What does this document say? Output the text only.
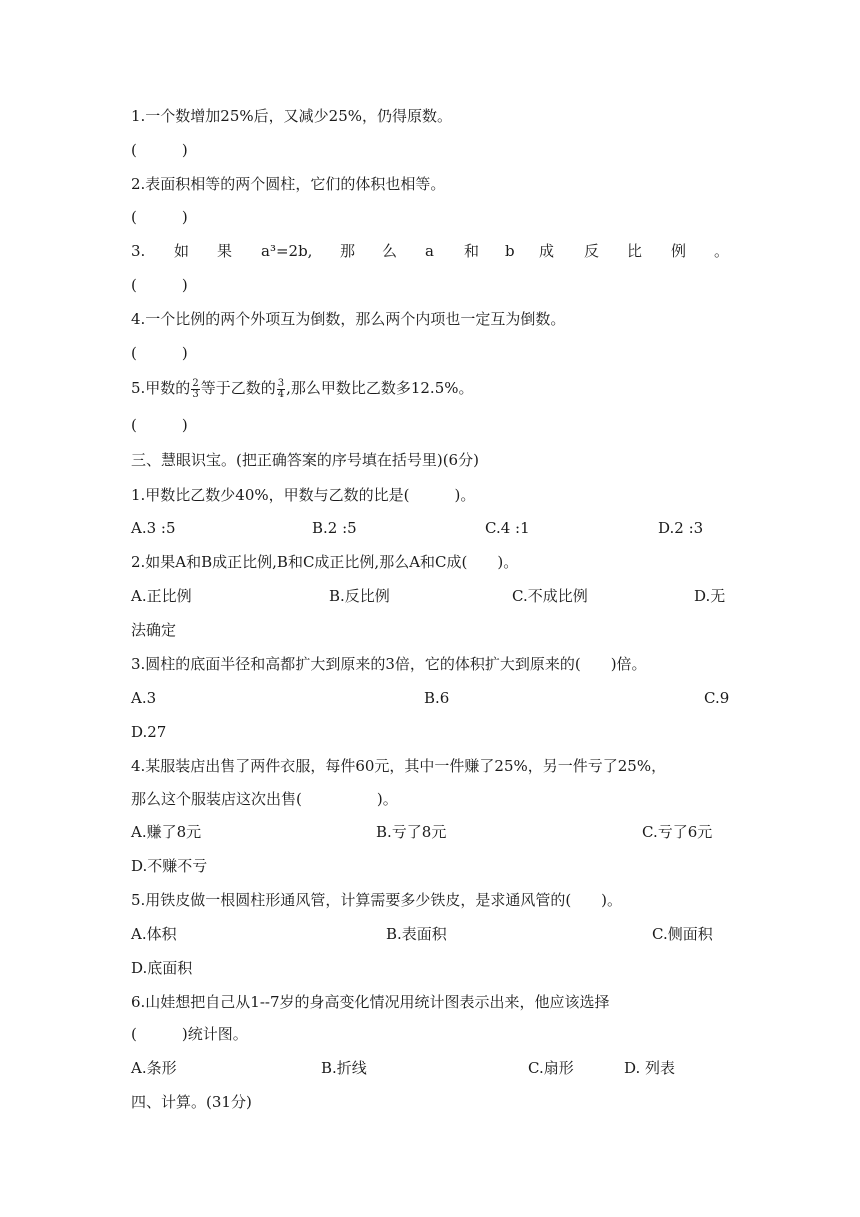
1.一个数增加25%后，又减少25%，仍得原数。
(　　　)
2.表面积相等的两个圆柱，它们的体积也相等。
(　　　)
3. 如 果 a³=2b, 那 么 a 和 b 成 反 比 例 。
(　　　)
4.一个比例的两个外项互为倒数，那么两个内项也一定互为倒数。
(　　　)
5.甲数的 $\frac{2}{3}$ 等于乙数的 $\frac{3}{4}$ ,那么甲数比乙数多12.5%。
(　　　)
三、慧眼识宝。(把正确答案的序号填在括号里)(6分)
1.甲数比乙数少40%，甲数与乙数的比是(　　　)。
A.3 :5	B.2 :5	C.4 :1	D.2 :3
2.如果A和B成正比例,B和C成正比例,那么A和C成(　　)。
A.正比例	B.反比例	C.不成比例	D.无
法确定
3.圆柱的底面半径和高都扩大到原来的3倍，它的体积扩大到原来的(　　)倍。
A.3	B.6	C.9
D.27
4.某服装店出售了两件衣服，每件60元，其中一件赚了25%，另一件亏了25%，
那么这个服装店这次出售(　　　　　)。
A.赚了8元	B.亏了8元	C.亏了6元
D.不赚不亏
5.用铁皮做一根圆柱形通风管，计算需要多少铁皮，是求通风管的(　　)。
A.体积	B.表面积	C.侧面积
D.底面积
6.山娃想把自己从1--7岁的身高变化情况用统计图表示出来，他应该选择
(　　　)统计图。
A.条形	B.折线	C.扇形	D. 列表
四、计算。(31分)
